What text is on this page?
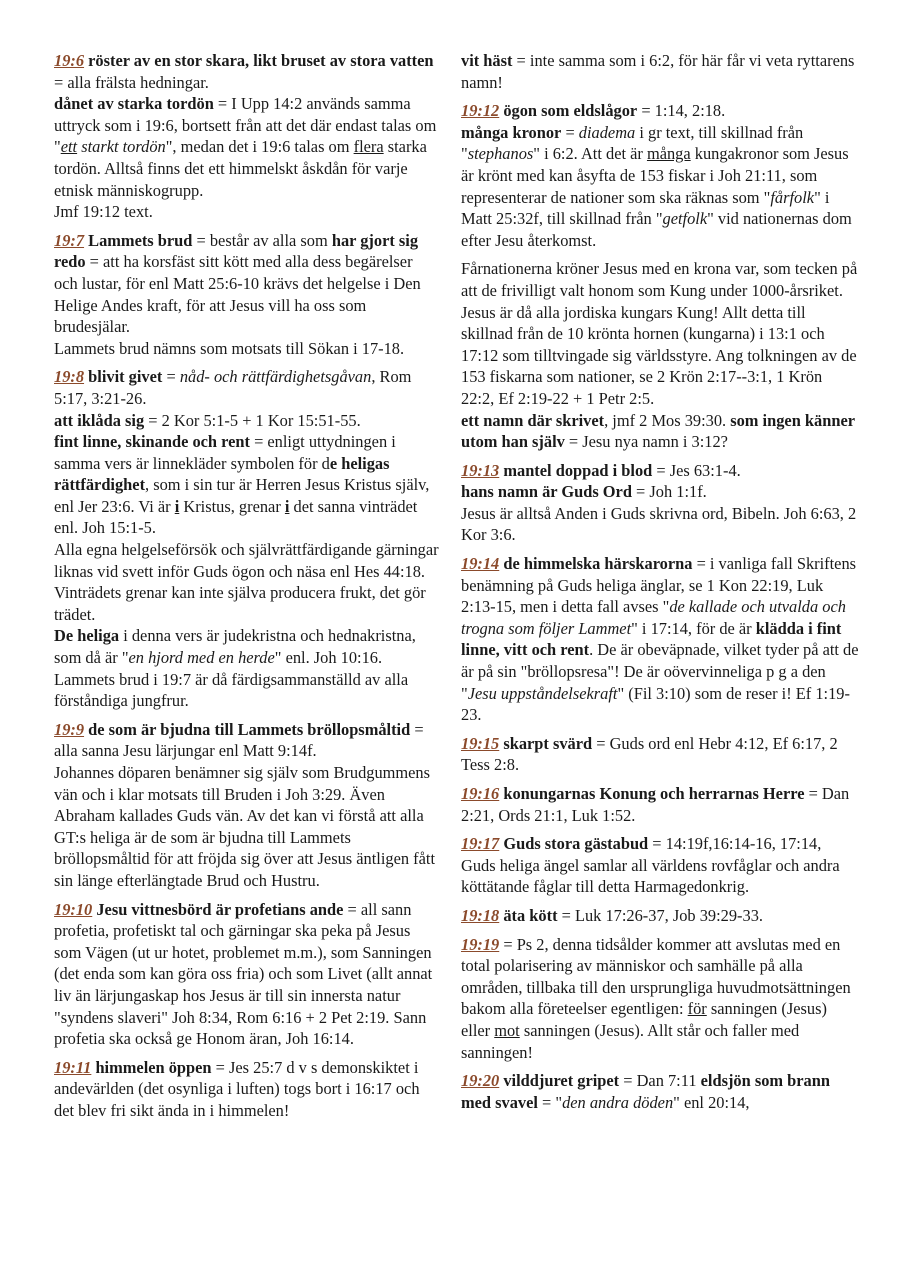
19:6 röster av en stor skara, likt bruset av stora vatten = alla frälsta hedningar.

dånet av starka tordön = I Upp 14:2 används samma uttryck som i 19:6, bortsett från att det där endast talas om "ett starkt tordön", medan det i 19:6 talas om flera starka tordön. Alltså finns det ett himmelskt åskdån för varje etnisk människogrupp.

Jmf 19:12 text.

19:7 Lammets brud = består av alla som har gjort sig redo = att ha korsfäst sitt kött med alla dess begärelser och lustar, för enl Matt 25:6-10 krävs det helgelse i Den Helige Andes kraft, för att Jesus vill ha oss som brudesjälar.

Lammets brud nämns som motsats till Sökan i 17-18.

19:8 blivit givet = nåd- och rättfärdighetsgåvan, Rom 5:17, 3:21-26.

att iklåda sig = 2 Kor 5:1-5 + 1 Kor 15:51-55.

fint linne, skinande och rent = enligt uttydningen i samma vers är linnekläder symbolen för de heligas rättfärdighet, som i sin tur är Herren Jesus Kristus själv, enl Jer 23:6. Vi är i Kristus, grenar i det sanna vinträdet enl. Joh 15:1-5.

Alla egna helgelseförsök och självrättfärdigande gärningar liknas vid svett inför Guds ögon och näsa enl Hes 44:18. Vinträdets grenar kan inte själva producera frukt, det gör trädet.

De heliga i denna vers är judekristna och hednakristna, som då är "en hjord med en herde" enl. Joh 10:16. Lammets brud i 19:7 är då färdigsammanställd av alla förståndiga jungfrur.

19:9 de som är bjudna till Lammets bröllopsmåltid = alla sanna Jesu lärjungar enl Matt 9:14f.

Johannes döparen benämner sig själv som Brudgummens vän och i klar motsats till Bruden i Joh 3:29. Även Abraham kallades Guds vän. Av det kan vi förstå att alla GT:s heliga är de som är bjudna till Lammets bröllopsmåltid för att fröjda sig över att Jesus äntligen fått sin länge efterlängtade Brud och Hustru.

19:10 Jesu vittnesbörd är profetians ande = all sann profetia, profetiskt tal och gärningar ska peka på Jesus som Vägen (ut ur hotet, problemet m.m.), som Sanningen (det enda som kan göra oss fria) och som Livet (allt annat liv än lärjungaskap hos Jesus är till sin innersta natur "syndens slaveri" Joh 8:34, Rom 6:16 + 2 Pet 2:19. Sann profetia ska också ge Honom äran, Joh 16:14.

19:11 himmelen öppen = Jes 25:7 d v s demonskiktet i andevärlden (det osynliga i luften) togs bort i 16:17 och det blev fri sikt ända in i himmelen!

vit häst = inte samma som i 6:2, för här får vi veta ryttarens namn!

19:12 ögon som eldslågor = 1:14, 2:18.

många kronor = diadema i gr text, till skillnad från "stephanos" i 6:2. Att det är många kungakronor som Jesus är krönt med kan åsyfta de 153 fiskar i Joh 21:11, som representerar de nationer som ska räknas som "fårfolk" i Matt 25:32f, till skillnad från "getfolk" vid nationernas dom efter Jesu återkomst.

Fårnationerna kröner Jesus med en krona var, som tecken på att de frivilligt valt honom som Kung under 1000-årsriket. Jesus är då alla jordiska kungars Kung! Allt detta till skillnad från de 10 krönta hornen (kungarna) i 13:1 och 17:12 som tilltvingade sig världsstyre. Ang tolkningen av de 153 fiskarna som nationer, se 2 Krön 2:17--3:1, 1 Krön 22:2, Ef 2:19-22 + 1 Petr 2:5.

ett namn där skrivet, jmf 2 Mos 39:30. som ingen känner utom han själv = Jesu nya namn i 3:12?

19:13 mantel doppad i blod = Jes 63:1-4.

hans namn är Guds Ord = Joh 1:1f.

Jesus är alltså Anden i Guds skrivna ord, Bibeln. Joh 6:63, 2 Kor 3:6.

19:14 de himmelska härskarorna = i vanliga fall Skriftens benämning på Guds heliga änglar, se 1 Kon 22:19, Luk 2:13-15, men i detta fall avses "de kallade och utvalda och trogna som följer Lammet" i 17:14, för de är klädda i fint linne, vitt och rent. De är obeväpnade, vilket tyder på att de är på sin "bröllopsresa"! De är oövervinneliga p g a den "Jesu uppståndelsekraft" (Fil 3:10) som de reser i! Ef 1:19-23.

19:15 skarpt svärd = Guds ord enl Hebr 4:12, Ef 6:17, 2 Tess 2:8.

19:16 konungarnas Konung och herrarnas Herre = Dan 2:21, Ords 21:1, Luk 1:52.

19:17 Guds stora gästabud = 14:19f,16:14-16, 17:14, Guds heliga ängel samlar all världens rovfåglar och andra köttätande fåglar till detta Harmagedonkrig.

19:18 äta kött = Luk 17:26-37, Job 39:29-33.

19:19 = Ps 2, denna tidsålder kommer att avslutas med en total polarisering av människor och samhälle på alla områden, tillbaka till den ursprungliga huvudmotsättningen bakom alla företeelser egentligen: för sanningen (Jesus) eller mot sanningen (Jesus). Allt står och faller med sanningen!

19:20 vilddjuret gripet = Dan 7:11 eldsjön som brann med svavel = "den andra döden" enl 20:14,
